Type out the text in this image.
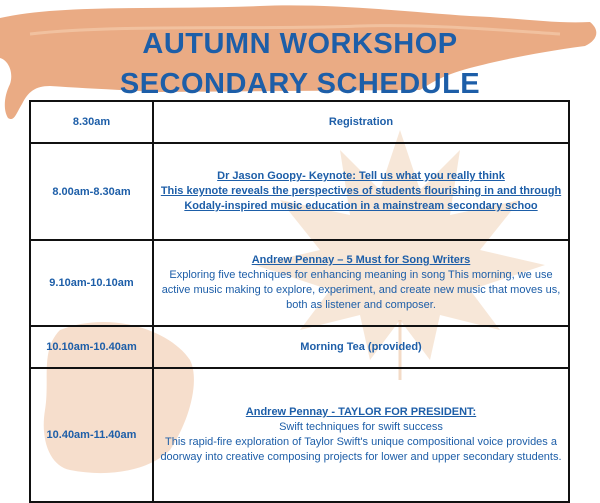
AUTUMN WORKSHOP
SECONDARY SCHEDULE
8.30am	Registration
8.00am-8.30am	Dr Jason Goopy- Keynote: Tell us what you really think
This keynote reveals the perspectives of students flourishing in and through
Kodaly-inspired music education in a mainstream secondary schoo

9.10am-10.10am	Andrew Pennay – 5 Must for Song Writers
Exploring five techniques for enhancing meaning in song This morning, we use active music making to explore, experiment, and create new music that moves us, both as listener and composer.

10.10am-10.40am	Morning Tea (provided)
10.40am-11.40am	Andrew Pennay - TAYLOR FOR PRESIDENT:
Swift techniques for swift success
This rapid-fire exploration of Taylor Swift's unique compositional voice provides a doorway into creative composing projects for lower and upper secondary students.
